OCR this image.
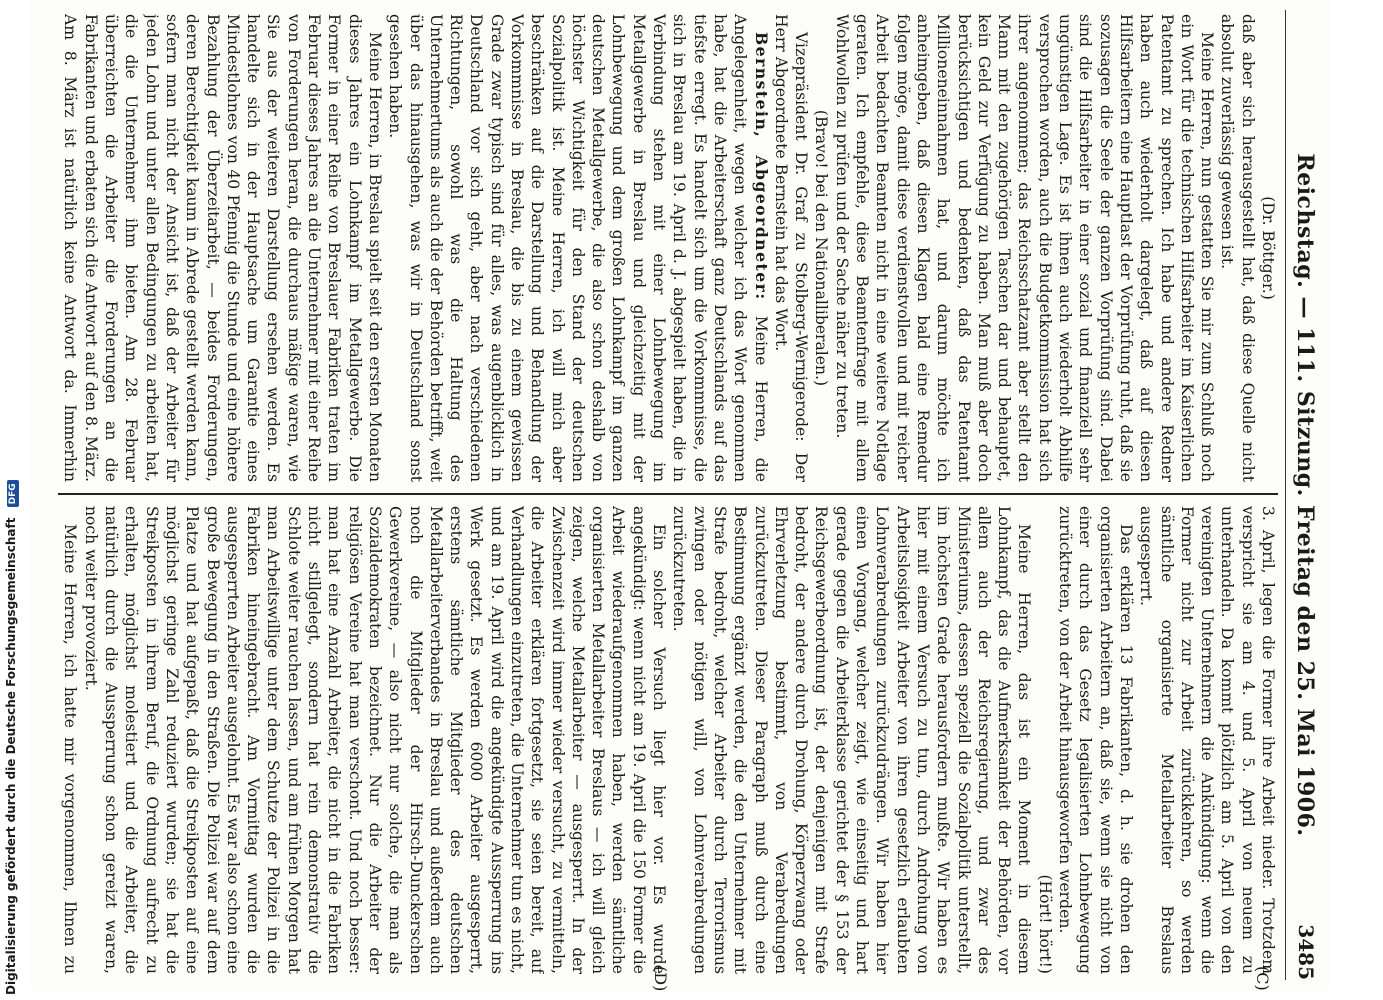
Reichstag. — 111. Sitzung. Freitag den 25. Mai 1906.
3485
(C)
(D)

(Dr. Böttger.)

daß aber sich herausgestellt hat, daß diese Quelle nicht absolut zuverlässig gewesen ist.

Meine Herren, nun gestatten Sie mir zum Schluß noch ein Wort für die technischen Hilfsarbeiter im Kaiserlichen Patentamt zu sprechen. Ich habe und andere Redner haben auch wiederholt dargelegt, daß auf diesen Hilfsarbeitern eine Hauptlast der Vorprüfung ruht, daß sie sozusagen die Seele der ganzen Vorprüfung sind. Dabei sind die Hilfsarbeiter in einer sozial und finanziell sehr ungünstigen Lage. Es ist ihnen auch wiederholt Abhilfe versprochen worden, auch die Budgetkommission hat sich ihrer angenommen; das Reichsschatzamt aber stellt den Mann mit den zugehörigen Taschen dar und behauptet, kein Geld zur Verfügung zu haben. Man muß aber doch berücksichtigen und bedenken, daß das Patentamt Millioneneinnahmen hat, und darum möchte ich anheimgeben, daß diesen Klagen bald eine Remedur folgen möge, damit diese verdienstvollen und mit reicher Arbeit bedachten Beamten nicht in eine weitere Notlage geraten. Ich empfehle, diese Beamtenfrage mit allem Wohlwollen zu prüfen und der Sache näher zu treten.

(Bravo! bei den Nationalliberalen.)

Vizepräsident Dr. Graf zu Stolberg-Wernigerode: Der Herr Abgeordnete Bernstein hat das Wort.

Bernstein, Abgeordneter: Meine Herren, die Angelegenheit, wegen welcher ich das Wort genommen habe, hat die Arbeiterschaft ganz Deutschlands auf das tiefste erregt. Es handelt sich um die Vorkommnisse, die sich in Breslau am 19. April d. J. abgespielt haben, die in Verbindung stehen mit einer Lohnbewegung im Metallgewerbe in Breslau und gleichzeitig mit der Lohnbewegung und dem großen Lohnkampf im ganzen deutschen Metallgewerbe, die also schon deshalb von höchster Wichtigkeit für den Stand der deutschen Sozialpolitik ist. Meine Herren, ich will mich aber beschränken auf die Darstellung und Behandlung der Vorkommnisse in Breslau, die bis zu einem gewissen Grade zwar typisch sind für alles, was augenblicklich in Deutschland vor sich geht, aber nach verschiedenen Richtungen, sowohl was die Haltung des Unternehmertums als auch die der Behörden betrifft, weit über das hinausgehen, was wir in Deutschland sonst gesehen haben.

Meine Herren, in Breslau spielt seit den ersten Monaten dieses Jahres ein Lohnkampf im Metallgewerbe. Die Former in einer Reihe von Breslauer Fabriken traten im Februar dieses Jahres an die Unternehmer mit einer Reihe von Forderungen heran, die durchaus mäßige waren, wie Sie aus der weiteren Darstellung ersehen werden. Es handelte sich in der Hauptsache um Garantie eines Mindestlohnes von 40 Pfennig die Stunde und eine höhere Bezahlung der Überzeitarbeit, — beides Forderungen, deren Berechtigkeit kaum in Abrede gestellt werden kann, sofern man nicht der Ansicht ist, daß der Arbeiter für jeden Lohn und unter allen Bedingungen zu arbeiten hat, die die Unternehmer ihm bieten. Am 28. Februar überreichten die Arbeiter die Forderungen an die Fabrikanten und erbaten sich die Antwort auf den 8. März. Am 8. März ist natürlich keine Antwort da. Immerhin

3. April, legen die Former ihre Arbeit nieder. Trotzdem verspricht sie am 4. und 5. April von neuem zu unterhandeln. Da kommt plötzlich am 5. April von den vereinigten Unternehmern die Ankündigung: wenn die Former nicht zur Arbeit zurückkehren, so werden sämtliche organisierte Metallarbeiter Breslaus ausgesperrt.

Das erklären 13 Fabrikanten, d. h. sie drohen den organisierten Arbeitern an, daß sie, wenn sie nicht von einer durch das Gesetz legalisierten Lohnbewegung zurücktreten, von der Arbeit hinausgeworfen werden.

(Hört! hört!)

Meine Herren, das ist ein Moment in diesem Lohnkampf, das die Aufmerksamkeit der Behörden, vor allem auch der Reichsregierung, und zwar des Ministeriums, dessen speziell die Sozialpolitik unterstellt, im höchsten Grade herausfordern mußte. Wir haben es hier mit einem Versuch zu tun, durch Androhung von Arbeitslosigkeit Arbeiter von ihren gesetzlich erlaubten Lohnverabredungen zurückzudrängen. Wir haben hier einen Vorgang, welcher zeigt, wie einseitig und hart gerade gegen die Arbeiterklasse gerichtet der § 153 der Reichsgewerbeordnung ist, der denjenigen mit Strafe bedroht, der andere durch Drohung, Körperzwang oder Ehrverletzung bestimmt, von Verabredungen zurückzutreten. Dieser Paragraph muß durch eine Bestimmung ergänzt werden, die den Unternehmer mit Strafe bedroht, welcher Arbeiter durch Terrorismus zwingen oder nötigen will, von Lohnverabredungen zurückzutreten.

Ein solcher Versuch liegt hier vor. Es wurde angekündigt: wenn nicht am 19. April die 150 Former die Arbeit wiederaufgenommen haben, werden sämtliche organisierten Metallarbeiter Breslaus — ich will gleich zeigen, welche Metallarbeiter — ausgesperrt. In der Zwischenzeit wird immer wieder versucht, zu vermitteln, die Arbeiter erklären fortgesetzt, sie seien bereit, auf Verhandlungen einzutreten, die Unternehmer tun es nicht, und am 19. April wird die angekündigte Aussperrung ins Werk gesetzt. Es werden 6000 Arbeiter ausgesperrt, erstens sämtliche Mitglieder des deutschen Metallarbeiterverbandes in Breslau und außerdem auch noch die Mitglieder der Hirsch-Dunckerschen Gewerkvereine, — also nicht nur solche, die man als Sozialdemokraten bezeichnet. Nur die Arbeiter der religiösen Vereine hat man verschont. Und noch besser: man hat eine Anzahl Arbeiter, die nicht in die Fabriken nicht stillgelegt, sondern hat rein demonstrativ die Schlote weiter rauchen lassen, und am frühen Morgen hat man Arbeitswillige unter dem Schutze der Polizei in die Fabriken hineingebracht. Am Vormittag wurden die ausgesperrten Arbeiter ausgelohnt. Es war also schon eine große Bewegung in den Straßen. Die Polizei war auf dem Platze und hat aufgepaßt, daß die Streikposten auf eine möglichst geringe Zahl reduziert wurden; sie hat die Streikposten in ihrem Beruf, die Ordnung aufrecht zu erhalten, möglichst molestiert und die Arbeiter, die natürlich durch die Aussperrung schon gereizt waren, noch weiter provoziert.

Meine Herren, ich hatte mir vorgenommen, Ihnen zu

Digitalisierung gefördert durch die Deutsche Forschungsgemeinschaft DFG
